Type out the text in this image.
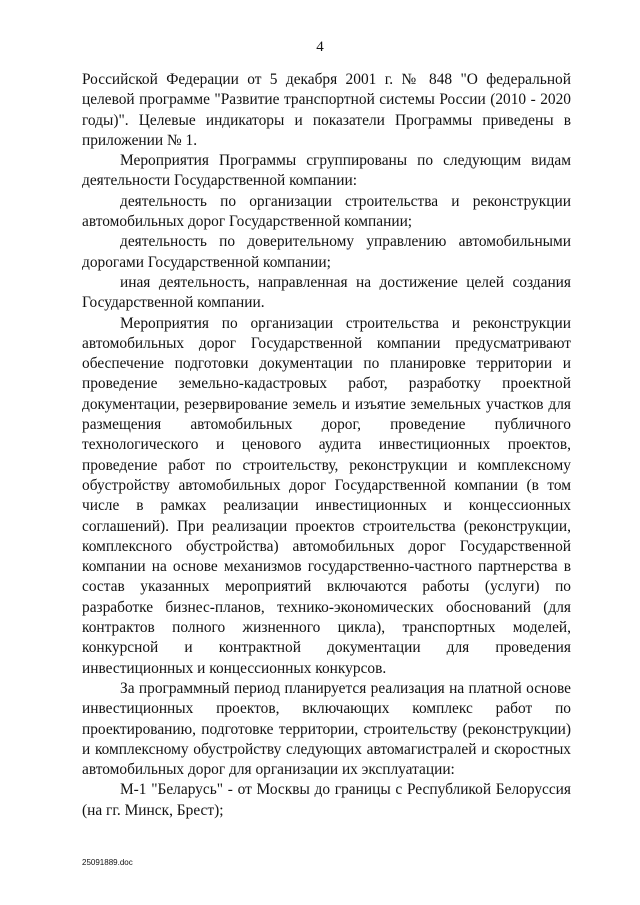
4

Российской Федерации от 5 декабря 2001 г. № 848 "О федеральной целевой программе "Развитие транспортной системы России (2010 - 2020 годы)". Целевые индикаторы и показатели Программы приведены в приложении № 1.

Мероприятия Программы сгруппированы по следующим видам деятельности Государственной компании:

деятельность по организации строительства и реконструкции автомобильных дорог Государственной компании;

деятельность по доверительному управлению автомобильными дорогами Государственной компании;

иная деятельность, направленная на достижение целей создания Государственной компании.

Мероприятия по организации строительства и реконструкции автомобильных дорог Государственной компании предусматривают обеспечение подготовки документации по планировке территории и проведение земельно-кадастровых работ, разработку проектной документации, резервирование земель и изъятие земельных участков для размещения автомобильных дорог, проведение публичного технологического и ценового аудита инвестиционных проектов, проведение работ по строительству, реконструкции и комплексному обустройству автомобильных дорог Государственной компании (в том числе в рамках реализации инвестиционных и концессионных соглашений). При реализации проектов строительства (реконструкции, комплексного обустройства) автомобильных дорог Государственной компании на основе механизмов государственно-частного партнерства в состав указанных мероприятий включаются работы (услуги) по разработке бизнес-планов, технико-экономических обоснований (для контрактов полного жизненного цикла), транспортных моделей, конкурсной и контрактной документации для проведения инвестиционных и концессионных конкурсов.

За программный период планируется реализация на платной основе инвестиционных проектов, включающих комплекс работ по проектированию, подготовке территории, строительству (реконструкции) и комплексному обустройству следующих автомагистралей и скоростных автомобильных дорог для организации их эксплуатации:

М-1 "Беларусь" - от Москвы до границы с Республикой Белоруссия (на гг. Минск, Брест);

25091889.doc
